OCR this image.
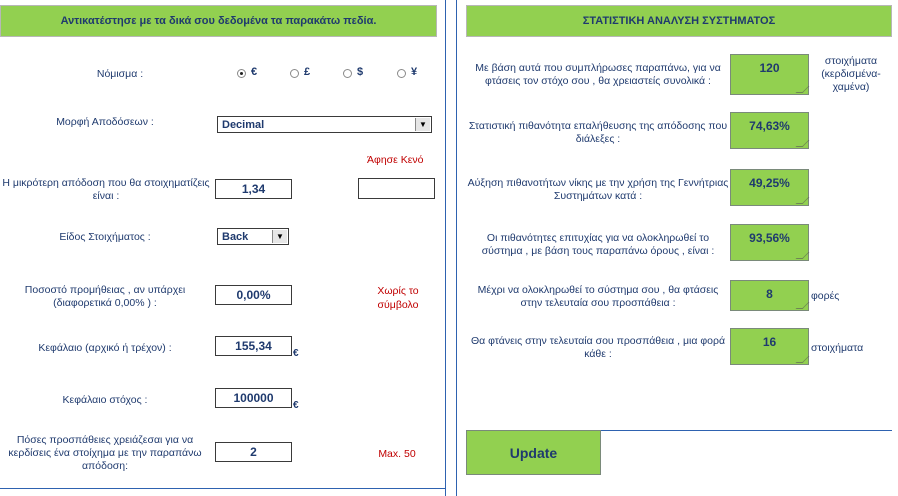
Αντικατέστησε με τα δικά σου δεδομένα τα παρακάτω πεδία.
Νόμισμα :	€	£	$	¥
Μορφή Αποδόσεων :	Decimal	▼
Άφησε Κενό
Η μικρότερη απόδοση που θα στοιχηματίζεις είναι :	1,34
Είδος Στοιχήματος :	Back	▼
Ποσοστό προμήθειας , αν υπάρχει (διαφορετικά 0,00% ) :
0,00%	Χωρίς το σύμβολο
Κεφάλαιο (αρχικό ή τρέχον) :	155,34
€
Κεφάλαιο στόχος :	100000
€
Πόσες προσπάθειες χρειάζεσαι για να κερδίσεις ένα στοίχημα με την παραπάνω απόδοση:
2	Max. 50
ΣΤΑΤΙΣΤΙΚΗ ΑΝΑΛΥΣΗ ΣΥΣΤΗΜΑΤΟΣ
Με βάση αυτά που συμπλήρωσες παραπάνω, για να φτάσεις τον στόχο σου , θα χρειαστείς συνολικά :
120	στοιχήματα (κερδισμένα-χαμένα)
Στατιστική πιθανότητα επαλήθευσης της απόδοσης που διάλεξες :
74,63%
Αύξηση πιθανοτήτων νίκης με την χρήση της Γεννήτριας Συστημάτων κατά :
49,25%
Οι πιθανότητες επιτυχίας για να ολοκληρωθεί το σύστημα , με βάση τους παραπάνω όρους , είναι :
93,56%
Μέχρι να ολοκληρωθεί το σύστημα σου , θα φτάσεις στην τελευταία σου προσπάθεια :
8	φορές
Θα φτάνεις στην τελευταία σου προσπάθεια , μια φορά κάθε :
16	στοιχήματα
Update
